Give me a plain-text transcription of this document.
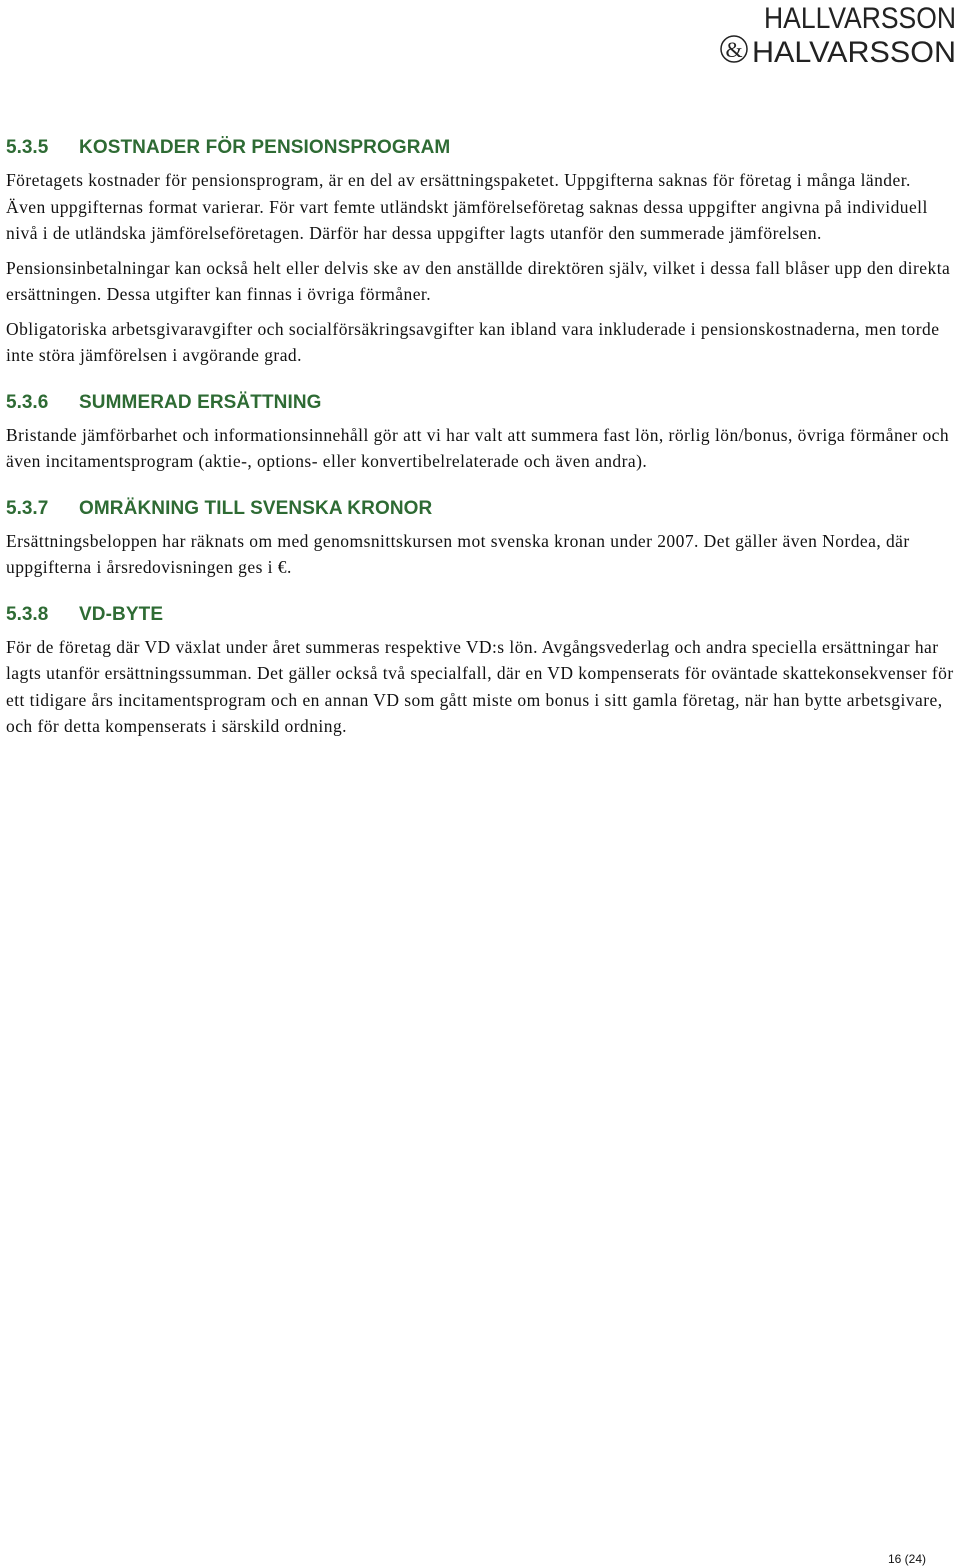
HALLVARSSON
& HALVARSSON
5.3.5	KOSTNADER FÖR PENSIONSPROGRAM

Företagets kostnader för pensionsprogram, är en del av ersättningspaketet. Uppgifterna saknas för företag i många länder. Även uppgifternas format varierar. För vart femte utländskt jämförelseföretag saknas dessa uppgifter angivna på individuell nivå i de utländska jämförelseföretagen. Därför har dessa uppgifter lagts utanför den summerade jämförelsen.

Pensionsinbetalningar kan också helt eller delvis ske av den anställde direktören själv, vilket i dessa fall blåser upp den direkta ersättningen. Dessa utgifter kan finnas i övriga förmåner.

Obligatoriska arbetsgivaravgifter och socialförsäkringsavgifter kan ibland vara inkluderade i pensionskostnaderna, men torde inte störa jämförelsen i avgörande grad.

5.3.6	SUMMERAD ERSÄTTNING

Bristande jämförbarhet och informationsinnehåll gör att vi har valt att summera fast lön, rörlig lön/bonus, övriga förmåner och även incitamentsprogram (aktie-, options- eller konvertibelrelaterade och även andra).

5.3.7	OMRÄKNING TILL SVENSKA KRONOR

Ersättningsbeloppen har räknats om med genomsnittskursen mot svenska kronan under 2007. Det gäller även Nordea, där uppgifterna i årsredovisningen ges i €.

5.3.8	VD-BYTE

För de företag där VD växlat under året summeras respektive VD:s lön. Avgångsvederlag och andra speciella ersättningar har lagts utanför ersättningssumman. Det gäller också två specialfall, där en VD kompenserats för oväntade skattekonsekvenser för ett tidigare års incitamentsprogram och en annan VD som gått miste om bonus i sitt gamla företag, när han bytte arbetsgivare, och för detta kompenserats i särskild ordning.

16 (24)
